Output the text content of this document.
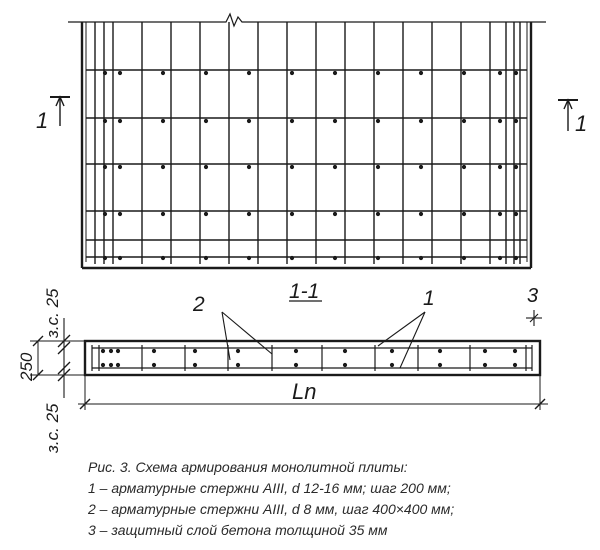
1	1
1-1
2	1	3
з.с. 25
250
з.с. 25
Ln
Рис. 3. Схема армирования монолитной плиты:
1 – арматурные стержни AIII, d 12-16 мм; шаг 200 мм;
2 – арматурные стержни AIII, d 8 мм, шаг 400×400 мм;
3 – защитный слой бетона толщиной 35 мм
